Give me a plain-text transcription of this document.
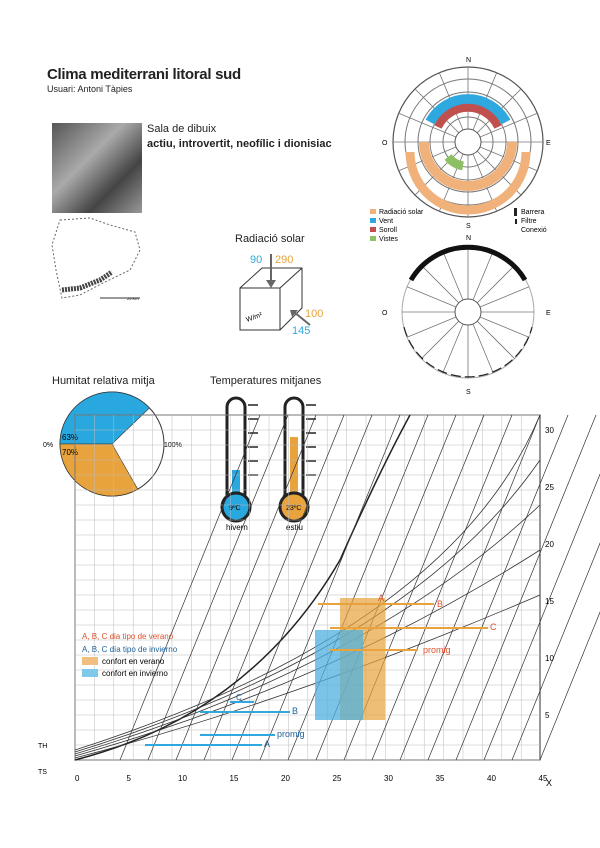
Clima mediterrani litoral sud
Usuari: Antoni Tàpies
Sala de dibuix
actiu, introvertit, neofílic i dionisiac
Radiació solar
Humitat relativa mitja	Temperatures mitjanes
25 Km
90 290
100
145
W/m²
N
S
E
O
Radiació solar
Vent
Soroll
Vistes
Barrera
Filtre
Conexió
N
S
E
O
0%	100%
63%
70%
9ºC
hivern
23ºC
estiu
A
B
C
promig
C
B
promig
A
TH
TS
X
0	5	10	15	20	25	30	35	40	45
5
10
15
20
25
30
A, B, C dia tipo de verano
A, B, C día tipo de invierno
confort en verano
confort en invierno
